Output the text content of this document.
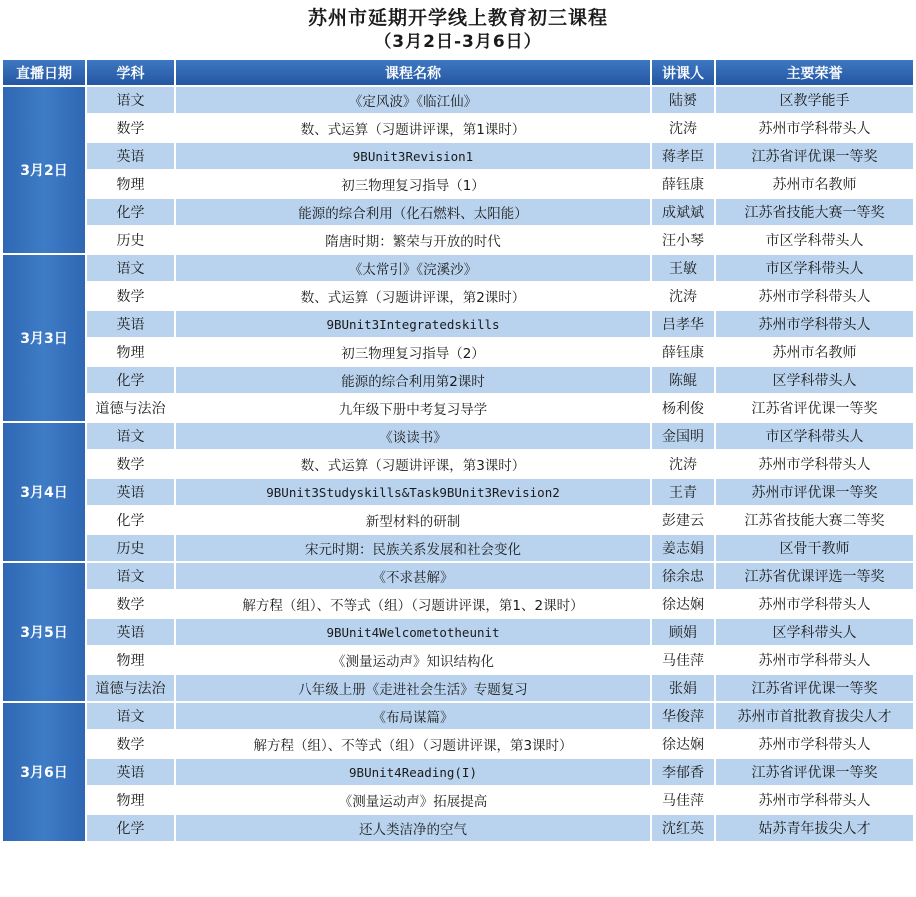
苏州市延期开学线上教育初三课程
（3月2日-3月6日）
直播日期	学科	课程名称	讲课人	主要荣誉
3月2日	语文	《定风波》《临江仙》	陆赟	区教学能手
	数学	数、式运算（习题讲评课，第1课时）	沈涛	苏州市学科带头人
	英语	9BUnit3Revision1	蒋孝臣	江苏省评优课一等奖
	物理	初三物理复习指导（1）	薛钰康	苏州市名教师
	化学	能源的综合利用（化石燃料、太阳能）	成斌斌	江苏省技能大赛一等奖
	历史	隋唐时期：繁荣与开放的时代	汪小琴	市区学科带头人
3月3日	语文	《太常引》《浣溪沙》	王敏	市区学科带头人
	数学	数、式运算（习题讲评课，第2课时）	沈涛	苏州市学科带头人
	英语	9BUnit3Integratedskills	吕孝华	苏州市学科带头人
	物理	初三物理复习指导（2）	薛钰康	苏州市名教师
	化学	能源的综合利用第2课时	陈鲲	区学科带头人
	道德与法治	九年级下册中考复习导学	杨利俊	江苏省评优课一等奖
3月4日	语文	《谈读书》	金国明	市区学科带头人
	数学	数、式运算（习题讲评课，第3课时）	沈涛	苏州市学科带头人
	英语	9BUnit3Studyskills&Task9BUnit3Revision2	王青	苏州市评优课一等奖
	化学	新型材料的研制	彭建云	江苏省技能大赛二等奖
	历史	宋元时期：民族关系发展和社会变化	姜志娟	区骨干教师
3月5日	语文	《不求甚解》	徐余忠	江苏省优课评选一等奖
	数学	解方程（组）、不等式（组）（习题讲评课，第1、2课时）	徐达娴	苏州市学科带头人
	英语	9BUnit4Welcometotheunit	顾娟	区学科带头人
	物理	《测量运动声》知识结构化	马佳萍	苏州市学科带头人
	道德与法治	八年级上册《走进社会生活》专题复习	张娟	江苏省评优课一等奖
3月6日	语文	《布局谋篇》	华俊萍	苏州市首批教育拔尖人才
	数学	解方程（组）、不等式（组）（习题讲评课，第3课时）	徐达娴	苏州市学科带头人
	英语	9BUnit4Reading(I)	李郁香	江苏省评优课一等奖
	物理	《测量运动声》拓展提高	马佳萍	苏州市学科带头人
	化学	还人类洁净的空气	沈红英	姑苏青年拔尖人才
